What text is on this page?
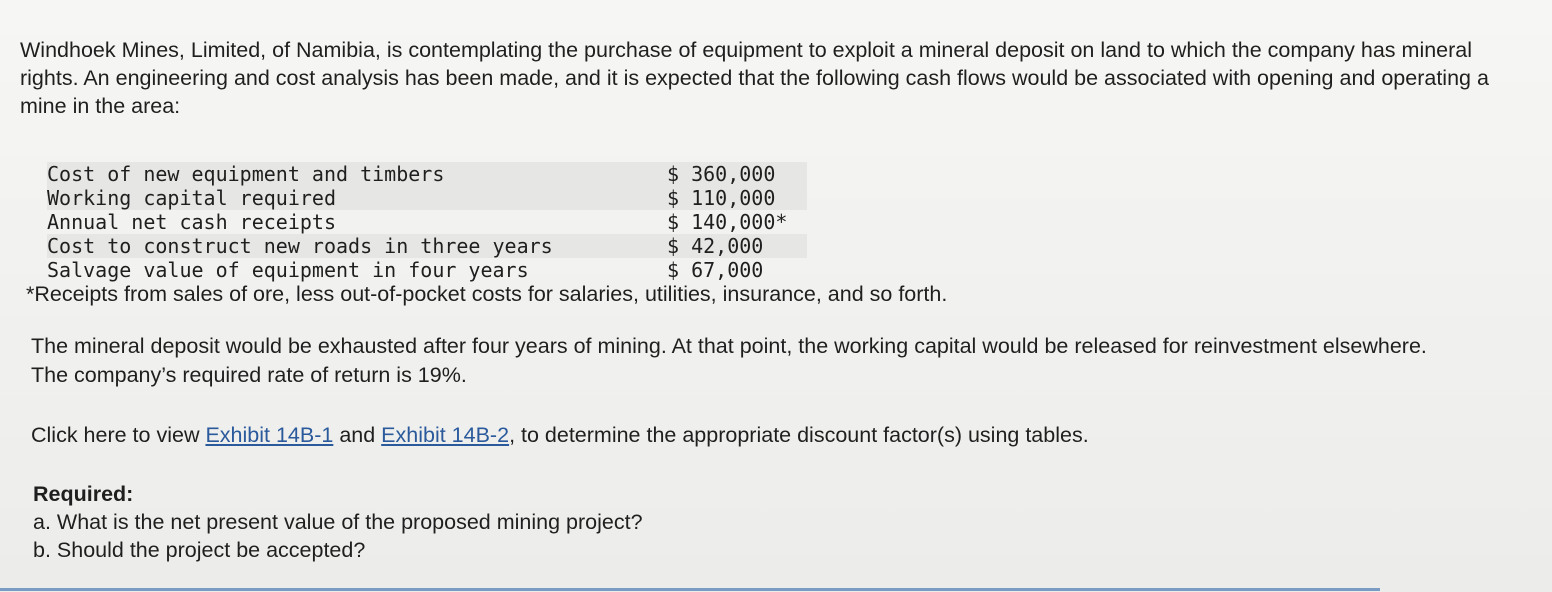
Windhoek Mines, Limited, of Namibia, is contemplating the purchase of equipment to exploit a mineral deposit on land to which the company has mineral rights. An engineering and cost analysis has been made, and it is expected that the following cash flows would be associated with opening and operating a mine in the area:

Cost of new equipment and timbers	$ 360,000
Working capital required	$ 110,000
Annual net cash receipts	$ 140,000*
Cost to construct new roads in three years	$ 42,000
Salvage value of equipment in four years	$ 67,000
*Receipts from sales of ore, less out-of-pocket costs for salaries, utilities, insurance, and so forth.

The mineral deposit would be exhausted after four years of mining. At that point, the working capital would be released for reinvestment elsewhere. The company’s required rate of return is 19%.

Click here to view Exhibit 14B-1 and Exhibit 14B-2, to determine the appropriate discount factor(s) using tables.

Required:
a. What is the net present value of the proposed mining project?
b. Should the project be accepted?
